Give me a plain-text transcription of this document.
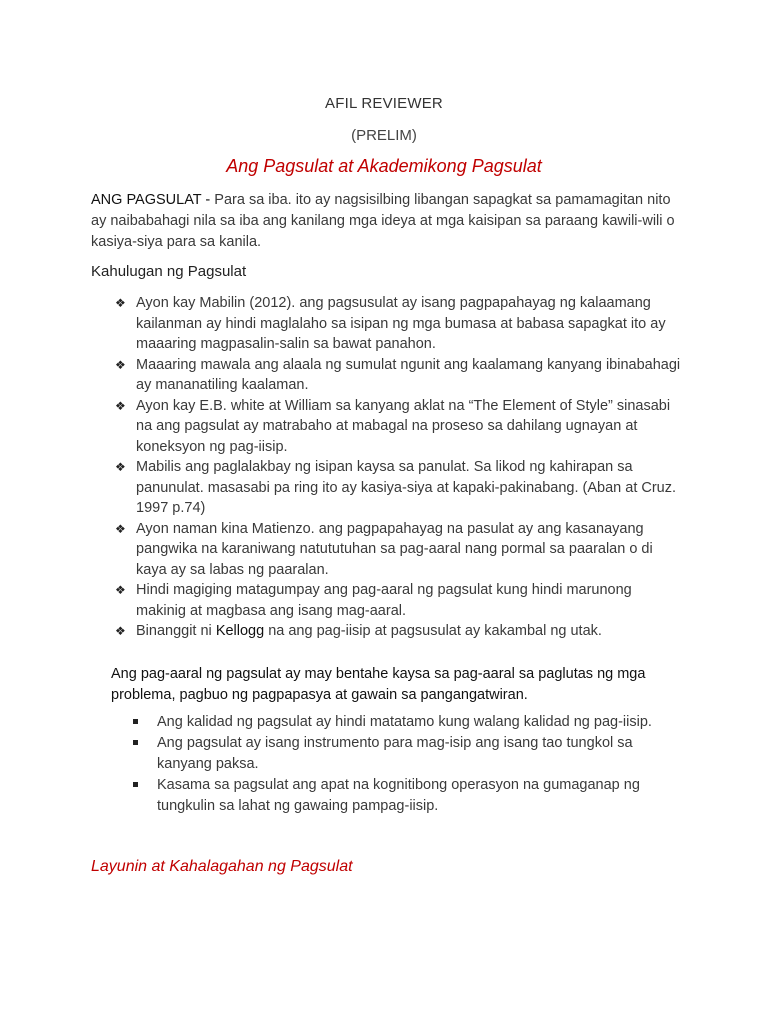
AFIL REVIEWER
(PRELIM)
Ang Pagsulat at Akademikong Pagsulat
ANG PAGSULAT - Para sa iba. ito ay nagsisilbing libangan sapagkat sa pamamagitan nito ay naibabahagi nila sa iba ang kanilang mga ideya at mga kaisipan sa paraang kawili-wili o kasiya-siya para sa kanila.
Kahulugan ng Pagsulat
❖ Ayon kay Mabilin (2012). ang pagsusulat ay isang pagpapahayag ng kalaamang kailanman ay hindi maglalaho sa isipan ng mga bumasa at babasa sapagkat ito ay maaaring magpasalin-salin sa bawat panahon.
❖ Maaaring mawala ang alaala ng sumulat ngunit ang kaalamang kanyang ibinabahagi ay mananatiling kaalaman.
❖ Ayon kay E.B. white at William sa kanyang aklat na “The Element of Style” sinasabi na ang pagsulat ay matrabaho at mabagal na proseso sa dahilang ugnayan at koneksyon ng pag-iisip.
❖ Mabilis ang paglalakbay ng isipan kaysa sa panulat. Sa likod ng kahirapan sa panunulat. masasabi pa ring ito ay kasiya-siya at kapaki-pakinabang. (Aban at Cruz. 1997 p.74)
❖ Ayon naman kina Matienzo. ang pagpapahayag na pasulat ay ang kasanayang pangwika na karaniwang natututuhan sa pag-aaral nang pormal sa paaralan o di kaya ay sa labas ng paaralan.
❖ Hindi magiging matagumpay ang pag-aaral ng pagsulat kung hindi marunong makinig at magbasa ang isang mag-aaral.
❖ Binanggit ni Kellogg na ang pag-iisip at pagsusulat ay kakambal ng utak.
Ang pag-aaral ng pagsulat ay may bentahe kaysa sa pag-aaral sa paglutas ng mga problema, pagbuo ng pagpapasya at gawain sa pangangatwiran.
Ang kalidad ng pagsulat ay hindi matatamo kung walang kalidad ng pag-iisip.
Ang pagsulat ay isang instrumento para mag-isip ang isang tao tungkol sa kanyang paksa.
Kasama sa pagsulat ang apat na kognitibong operasyon na gumaganap ng tungkulin sa lahat ng gawaing pampag-iisip.
Layunin at Kahalagahan ng Pagsulat
